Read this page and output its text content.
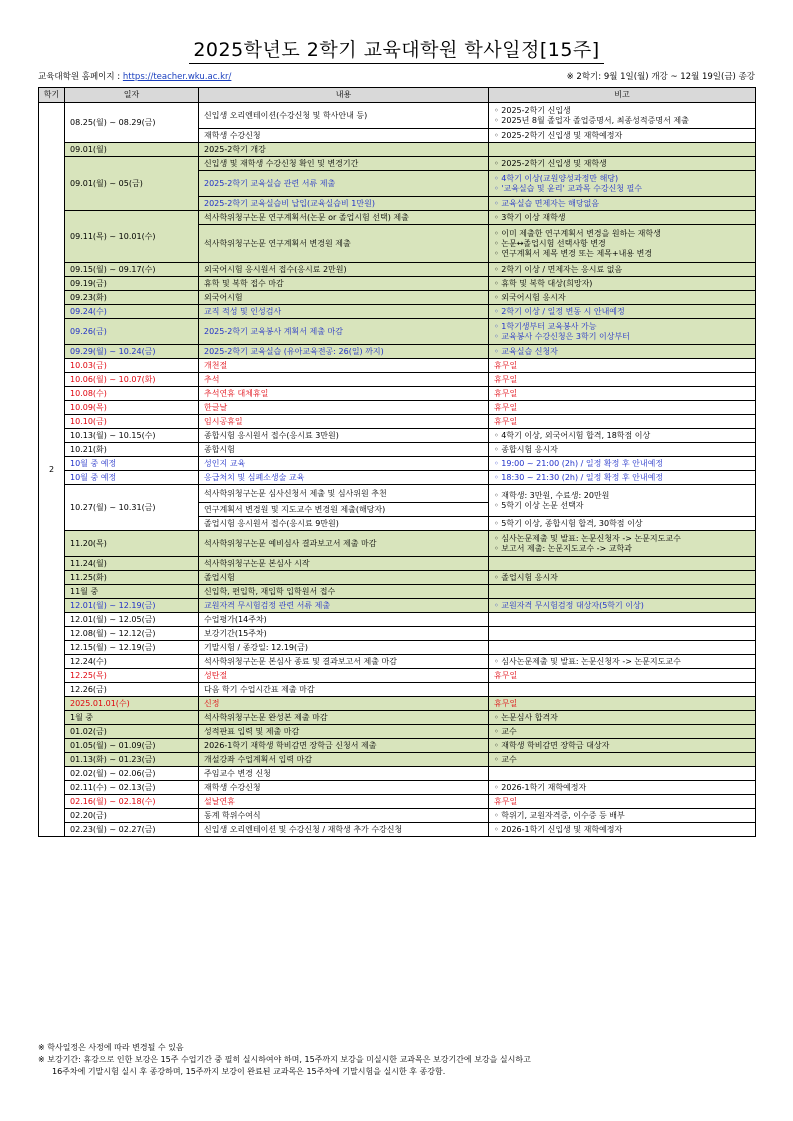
2025학년도 2학기 교육대학원 학사일정[15주]
교육대학원 홈페이지 : https://teacher.wku.ac.kr/	※ 2학기: 9월 1일(월) 개강 ~ 12월 19일(금) 종강
학기	일자	내용	비고
2	08.25(월) ~ 08.29(금)	신입생 오리엔테이션(수강신청 및 학사안내 등)	◦ 2025-2학기 신입생
◦ 2025년 8월 졸업자 졸업증명서, 최종성적증명서 제출

		재학생 수강신청	◦ 2025-2학기 신입생 및 재학예정자

	09.01(월)	2025-2학기 개강	
	09.01(월) ~ 05(금)	신입생 및 재학생 수강신청 확인 및 변경기간	◦ 2025-2학기 신입생 및 재학생

		2025-2학기 교육실습 관련 서류 제출	◦ 4학기 이상(교원양성과정만 해당)
◦ '교육실습 및 윤리' 교과목 수강신청 필수

		2025-2학기 교육실습비 납입(교육실습비 1만원)	◦ 교육실습 면제자는 해당없음

	09.11(목) ~ 10.01(수)	석사학위청구논문 연구계획서(논문 or 졸업시험 선택) 제출	◦ 3학기 이상 재학생

		석사학위청구논문 연구계획서 변경원 제출	◦ 이미 제출한 연구계획서 변경을 원하는 재학생
◦ 논문↔졸업시험 선택사항 변경
◦ 연구계획서 제목 변경 또는 제목+내용 변경

	09.15(월) ~ 09.17(수)	외국어시험 응시원서 접수(응시료 2만원)	◦ 2학기 이상 / 면제자는 응시료 없음

	09.19(금)	휴학 및 복학 접수 마감	◦ 휴학 및 복학 대상(희망자)

	09.23(화)	외국어시험	◦ 외국어시험 응시자

	09.24(수)	교직 적성 및 인성검사	◦ 2학기 이상 / 일정 변동 시 안내예정

	09.26(금)	2025-2학기 교육봉사 계획서 제출 마감	◦ 1학기생부터 교육봉사 가능
◦ 교육봉사 수강신청은 3학기 이상부터

	09.29(월) ~ 10.24(금)	2025-2학기 교육실습 (유아교육전공: 26(일) 까지)	◦ 교육실습 신청자

	10.03(금)	개천절	휴무일

	10.06(월) ~ 10.07(화)	추석	휴무일

	10.08(수)	추석연휴 대체휴일	휴무일

	10.09(목)	한글날	휴무일

	10.10(금)	임시공휴일	휴무일

	10.13(월) ~ 10.15(수)	종합시험 응시원서 접수(응시료 3만원)	◦ 4학기 이상, 외국어시험 합격, 18학점 이상

	10.21(화)	종합시험	◦ 종합시험 응시자

	10월 중 예정	성인지 교육	◦ 19:00 ~ 21:00 (2h) / 일정 확정 후 안내예정

	10월 중 예정	응급처치 및 심폐소생술 교육	◦ 18:30 ~ 21:30 (2h) / 일정 확정 후 안내예정

	10.27(월) ~ 10.31(금)	석사학위청구논문 심사신청서 제출 및 심사위원 추천	◦ 재학생: 3만원, 수료생: 20만원
◦ 5학기 이상 논문 선택자

		연구계획서 변경원 및 지도교수 변경원 제출(해당자)	
		졸업시험 응시원서 접수(응시료 9만원)	◦ 5학기 이상, 종합시험 합격, 30학점 이상

	11.20(목)	석사학위청구논문 예비심사 결과보고서 제출 마감	◦ 심사논문제출 및 발표: 논문신청자 -> 논문지도교수
◦ 보고서 제출: 논문지도교수 -> 교학과

	11.24(월)	석사학위청구논문 본심사 시작	
	11.25(화)	졸업시험	◦ 졸업시험 응시자

	11월 중	신입학, 편입학, 재입학 입학원서 접수	
	12.01(월) ~ 12.19(금)	교원자격 무시험검정 관련 서류 제출	◦ 교원자격 무시험검정 대상자(5학기 이상)

	12.01(월) ~ 12.05(금)	수업평가(14주차)	
	12.08(월) ~ 12.12(금)	보강기간(15주차)	
	12.15(월) ~ 12.19(금)	기말시험 / 종강일: 12.19(금)	
	12.24(수)	석사학위청구논문 본심사 종료 및 결과보고서 제출 마감	◦ 심사논문제출 및 발표: 논문신청자 -> 논문지도교수

	12.25(목)	성탄절	휴무일

	12.26(금)	다음 학기 수업시간표 제출 마감	
	2025.01.01(수)	신정	휴무일

	1월 중	석사학위청구논문 완성본 제출 마감	◦ 논문심사 합격자

	01.02(금)	성적판표 입력 및 제출 마감	◦ 교수

	01.05(월) ~ 01.09(금)	2026-1학기 재학생 학비감면 장학금 신청서 제출	◦ 재학생 학비감면 장학금 대상자

	01.13(화) ~ 01.23(금)	개설강좌 수업계획서 입력 마감	◦ 교수

	02.02(월) ~ 02.06(금)	주임교수 변경 신청	
	02.11(수) ~ 02.13(금)	재학생 수강신청	◦ 2026-1학기 재학예정자

	02.16(월) ~ 02.18(수)	설날연휴	휴무일

	02.20(금)	동계 학위수여식	◦ 학위기, 교원자격증, 이수증 등 배부

	02.23(월) ~ 02.27(금)	신입생 오리엔테이션 및 수강신청 / 재학생 추가 수강신청	◦ 2026-1학기 신입생 및 재학예정자
※ 학사일정은 사정에 따라 변경될 수 있음
※ 보강기간: 휴강으로 인한 보강은 15주 수업기간 중 필히 실시하여야 하며, 15주까지 보강을 미실시한 교과목은 보강기간에 보강을 실시하고
16주차에 기말시험 실시 후 종강하며, 15주까지 보강이 완료된 교과목은 15주차에 기말시험을 실시한 후 종강함.
